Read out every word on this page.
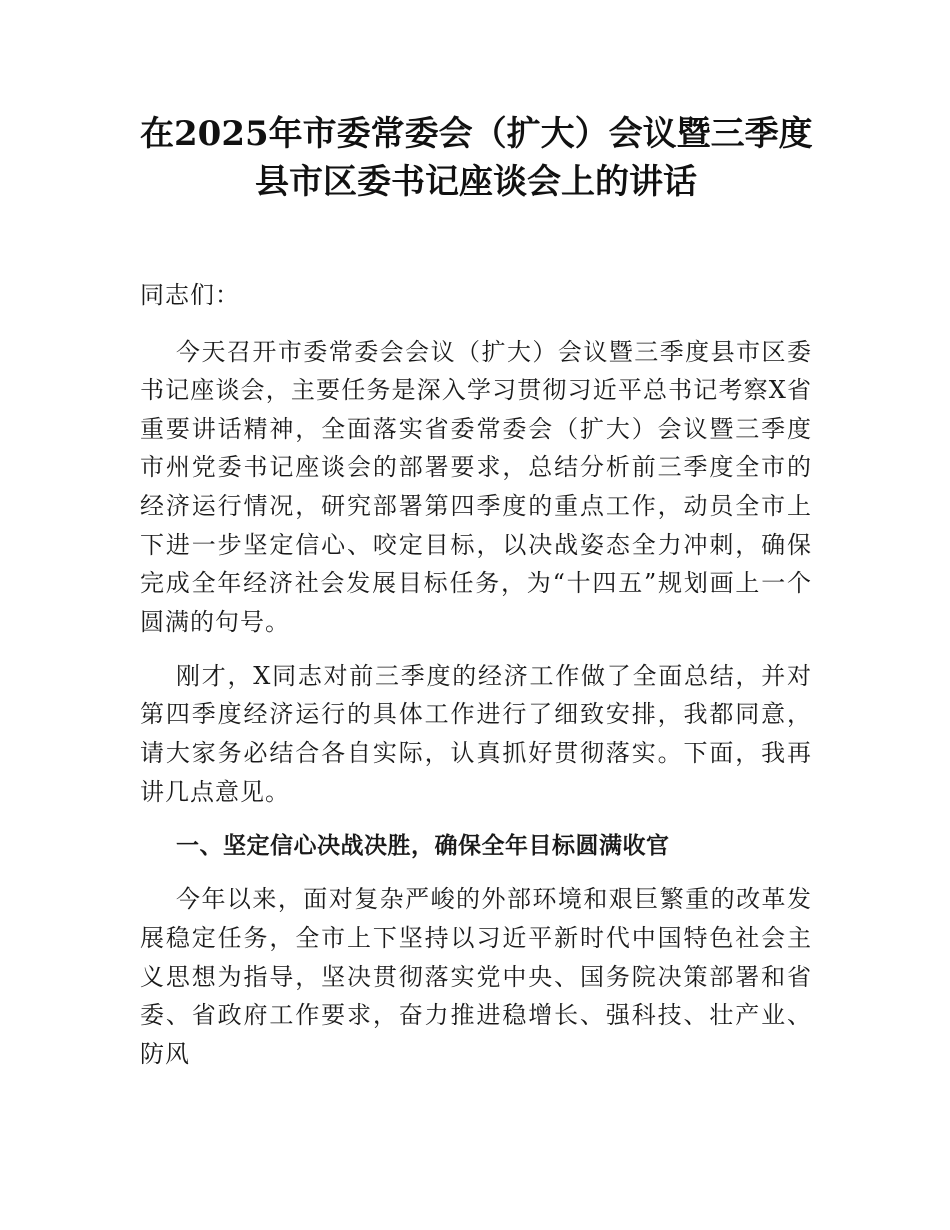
在2025年市委常委会（扩大）会议暨三季度
县市区委书记座谈会上的讲话

同志们：

今天召开市委常委会会议（扩大）会议暨三季度县市区委书记座谈会，主要任务是深入学习贯彻习近平总书记考察X省重要讲话精神，全面落实省委常委会（扩大）会议暨三季度市州党委书记座谈会的部署要求，总结分析前三季度全市的经济运行情况，研究部署第四季度的重点工作，动员全市上下进一步坚定信心、咬定目标，以决战姿态全力冲刺，确保完成全年经济社会发展目标任务，为“十四五”规划画上一个圆满的句号。

刚才，X同志对前三季度的经济工作做了全面总结，并对第四季度经济运行的具体工作进行了细致安排，我都同意，请大家务必结合各自实际，认真抓好贯彻落实。下面，我再讲几点意见。

一、坚定信心决战决胜，确保全年目标圆满收官

今年以来，面对复杂严峻的外部环境和艰巨繁重的改革发展稳定任务，全市上下坚持以习近平新时代中国特色社会主义思想为指导，坚决贯彻落实党中央、国务院决策部署和省委、省政府工作要求，奋力推进稳增长、强科技、壮产业、防风
